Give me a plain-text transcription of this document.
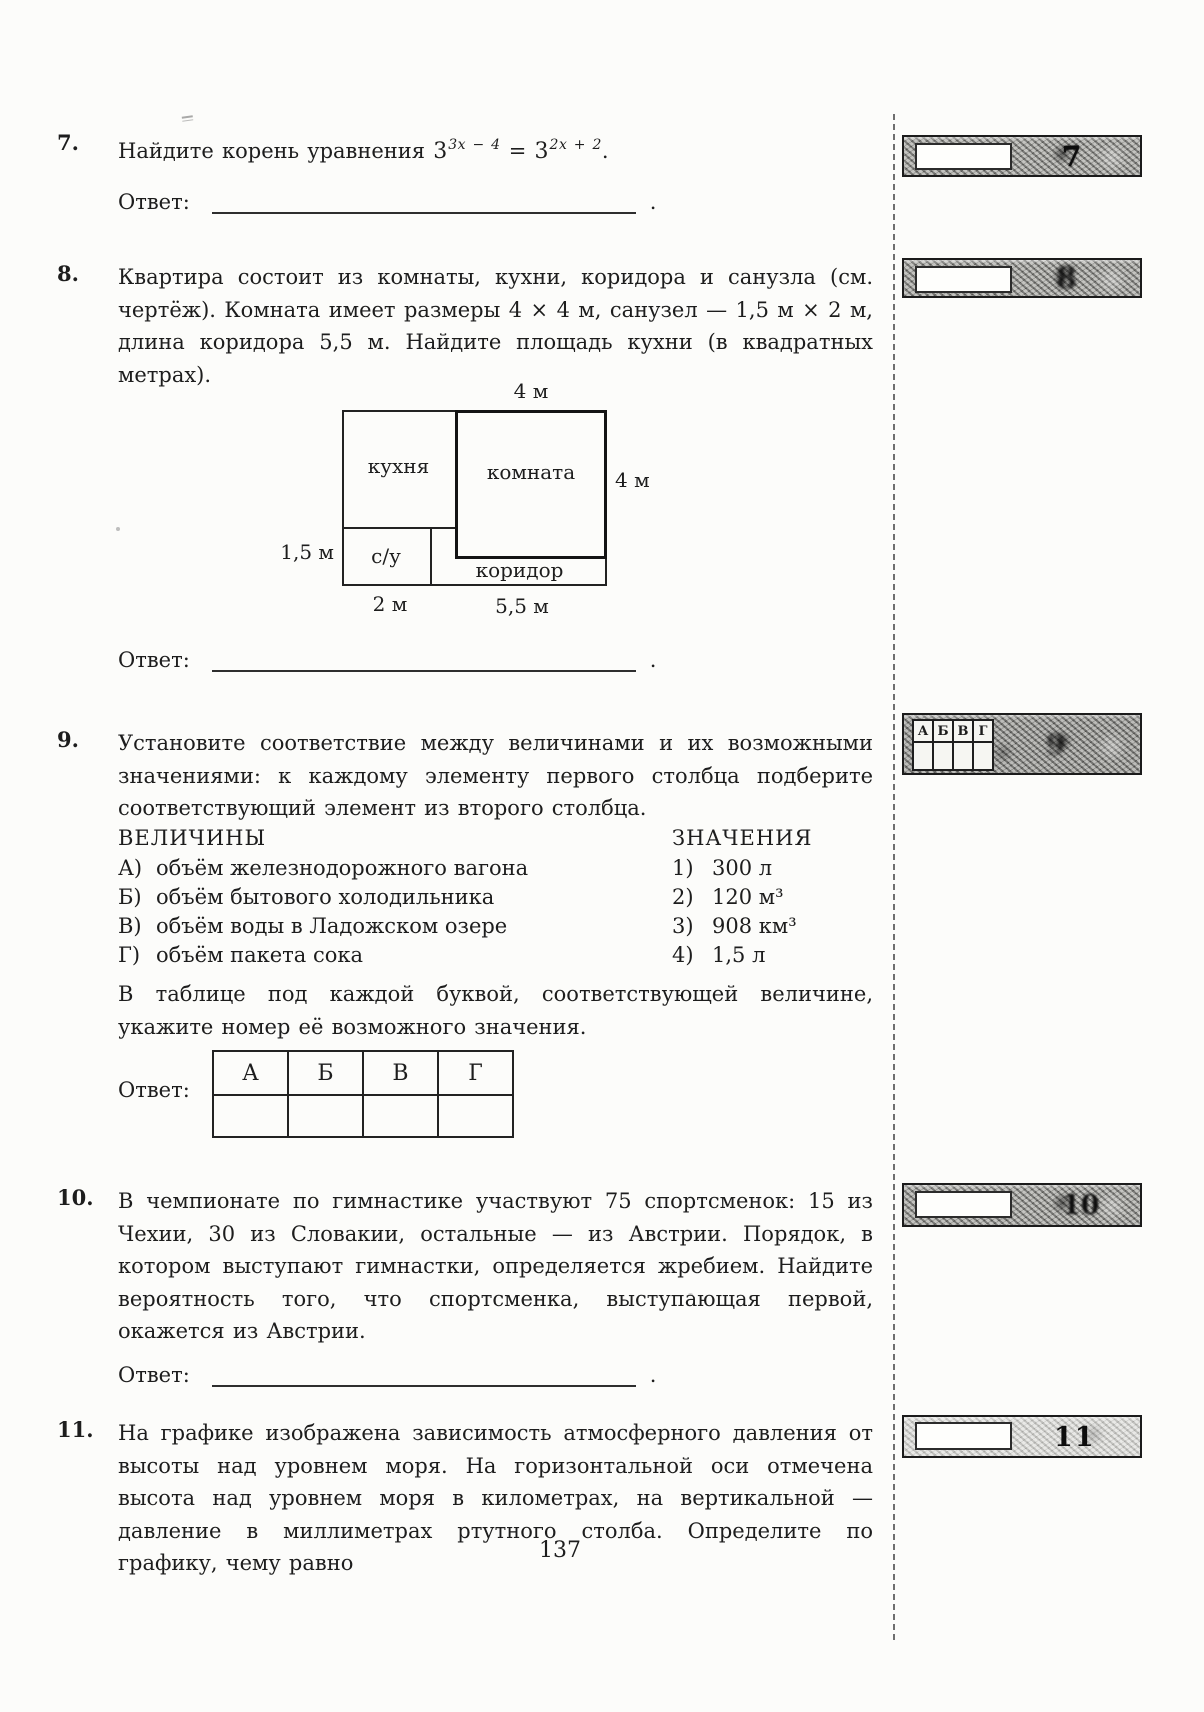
7. Найдите корень уравнения $3^{3x - 4} = 3^{2x + 2}$.
Ответ:	.
8. Квартира состоит из комнаты, кухни, коридора и санузла (см. чертёж). Комната имеет размеры 4 × 4 м, санузел — 1,5 м × 2 м, длина коридора 5,5 м. Найдите площадь кухни (в квадратных метрах).
кухня	комната
с/у
коридор
4 м
4 м
1,5 м
2 м	5,5 м
Ответ:	.
9. Установите соответствие между величинами и их возможными значениями: к каждому элементу первого столбца подберите соответствующий элемент из второго столбца.
ВЕЛИЧИНЫ	ЗНАЧЕНИЯ
А) объём железнодорожного вагона	1) 300 л
Б) объём бытового холодильника	2) 120 м³
В) объём воды в Ладожском озере	3) 908 км³
Г) объём пакета сока	4) 1,5 л
В таблице под каждой буквой, соответствующей величине, укажите номер её возможного значения.
Ответ:
А	Б	В	Г

10. В чемпионате по гимнастике участвуют 75 спортсменок: 15 из Чехии, 30 из Словакии, остальные — из Австрии. Порядок, в котором выступают гимнастки, определяется жребием. Найдите вероятность того, что спортсменка, выступающая первой, окажется из Австрии.
Ответ:	.
11. На графике изображена зависимость атмосферного давления от высоты над уровнем моря. На горизонтальной оси отмечена высота над уровнем моря в километрах, на вертикальной — давление в миллиметрах ртутного столба. Определите по графику, чему равно	137
7
8
А	Б	В	Г
			9
10
11
